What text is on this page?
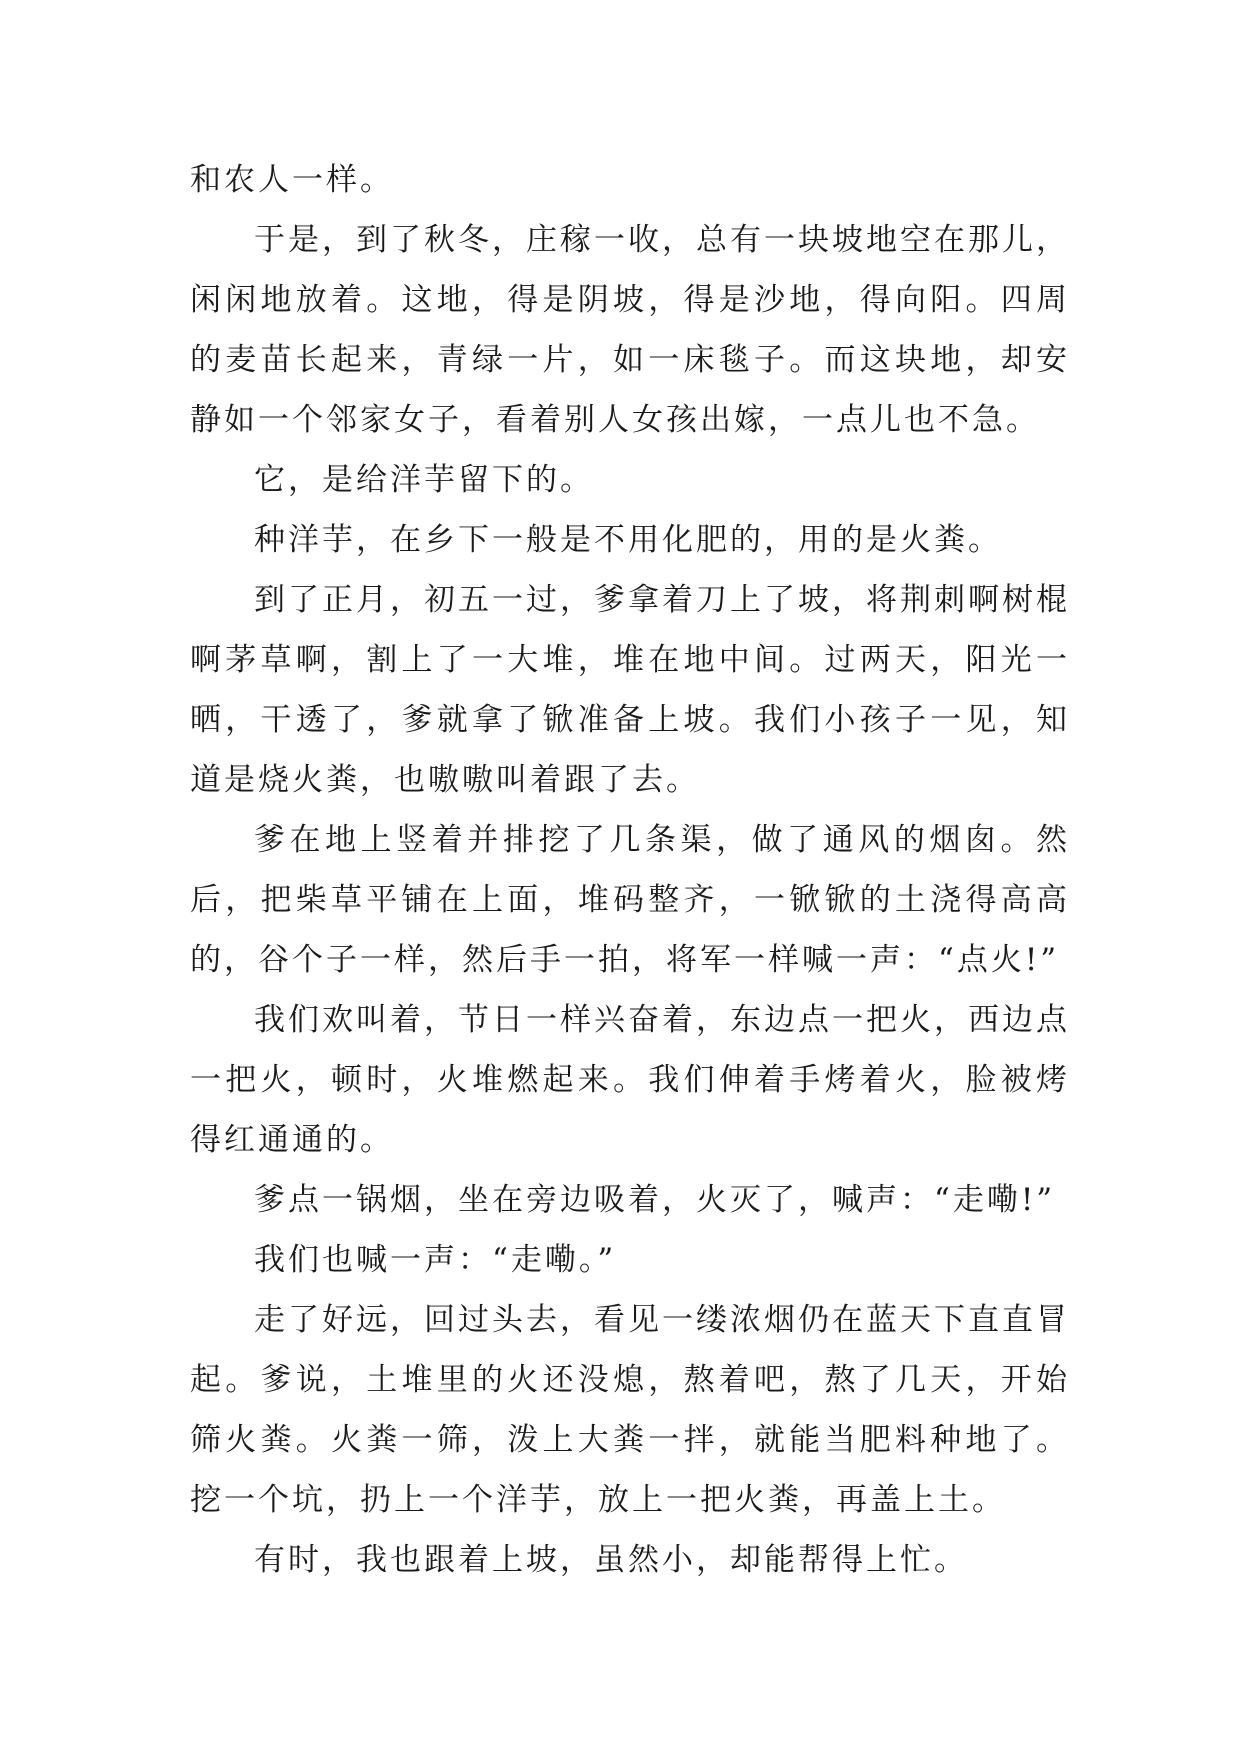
和农人一样。

于是，到了秋冬，庄稼一收，总有一块坡地空在那儿，闲闲地放着。这地，得是阴坡，得是沙地，得向阳。四周的麦苗长起来，青绿一片，如一床毯子。而这块地，却安静如一个邻家女子，看着别人女孩出嫁，一点儿也不急。

它，是给洋芋留下的。

种洋芋，在乡下一般是不用化肥的，用的是火粪。

到了正月，初五一过，爹拿着刀上了坡，将荆刺啊树棍啊茅草啊，割上了一大堆，堆在地中间。过两天，阳光一晒，干透了，爹就拿了锨准备上坡。我们小孩子一见，知道是烧火粪，也嗷嗷叫着跟了去。

爹在地上竖着并排挖了几条渠，做了通风的烟囱。然后，把柴草平铺在上面，堆码整齐，一锨锨的土浇得高高的，谷个子一样，然后手一拍，将军一样喊一声：“点火!”

我们欢叫着，节日一样兴奋着，东边点一把火，西边点一把火，顿时，火堆燃起来。我们伸着手烤着火，脸被烤得红通通的。

爹点一锅烟，坐在旁边吸着，火灭了，喊声：“走嘞!”

我们也喊一声：“走嘞。”

走了好远，回过头去，看见一缕浓烟仍在蓝天下直直冒起。爹说，土堆里的火还没熄，熬着吧，熬了几天，开始筛火粪。火粪一筛，泼上大粪一拌，就能当肥料种地了。挖一个坑，扔上一个洋芋，放上一把火粪，再盖上土。

有时，我也跟着上坡，虽然小，却能帮得上忙。
